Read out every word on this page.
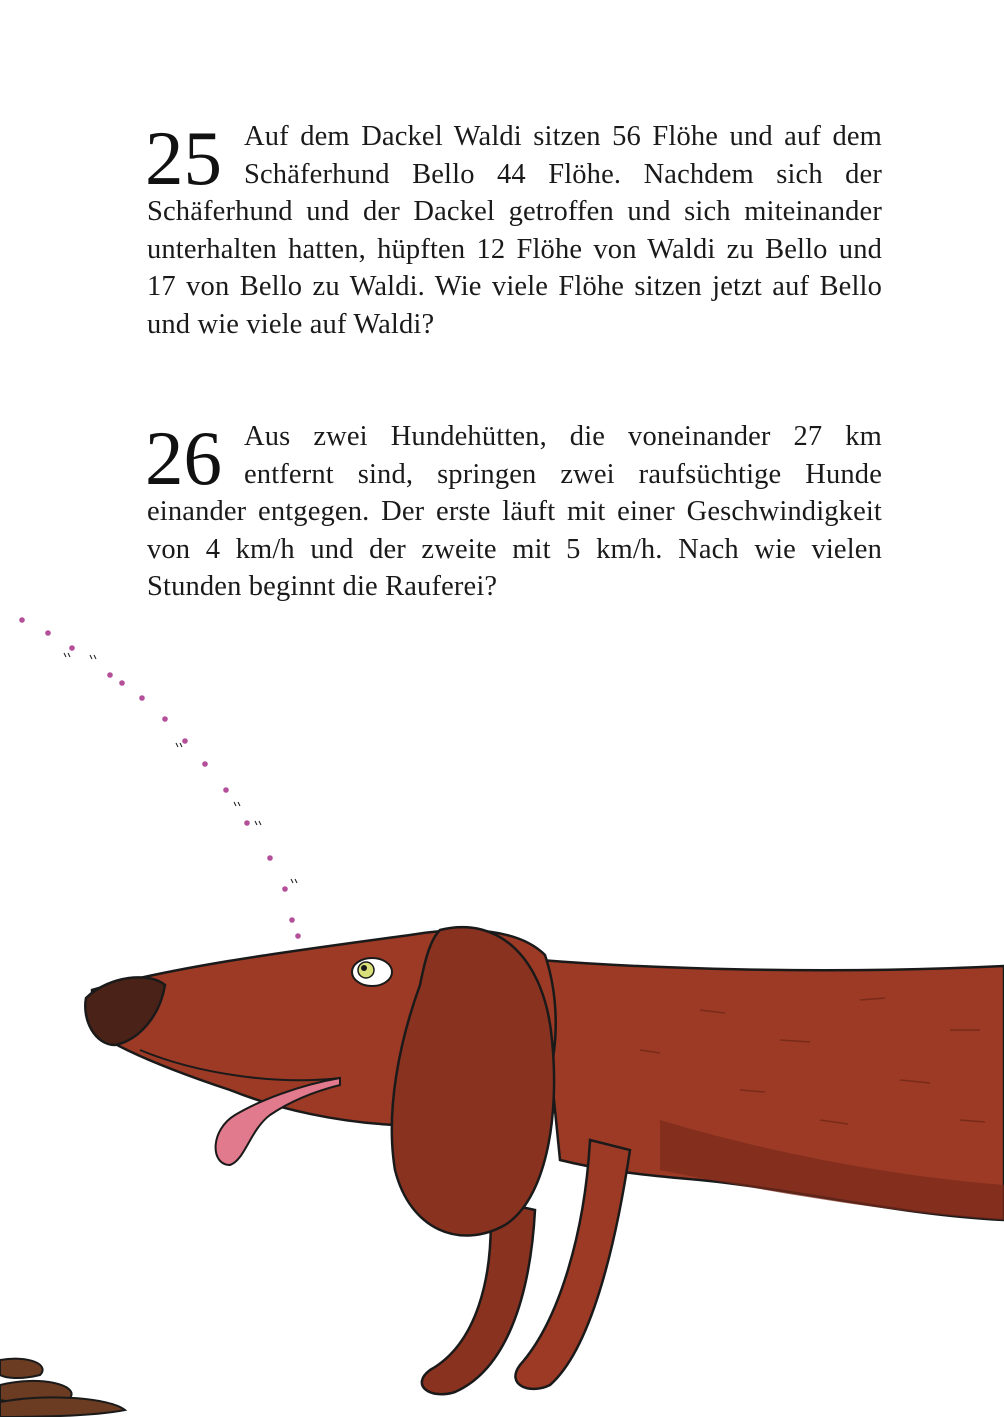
25 Auf dem Dackel Waldi sitzen 56 Flöhe und auf dem Schäferhund Bello 44 Flöhe. Nachdem sich der Schäferhund und der Dackel getroffen und sich miteinander unterhalten hatten, hüpften 12 Flöhe von Waldi zu Bello und 17 von Bello zu Waldi. Wie viele Flöhe sitzen jetzt auf Bello und wie viele auf Waldi?
26 Aus zwei Hundehütten, die voneinander 27 km entfernt sind, springen zwei raufsüchtige Hunde einander entgegen. Der erste läuft mit einer Geschwindigkeit von 4 km/h und der zweite mit 5 km/h. Nach wie vielen Stunden beginnt die Rauferei?
